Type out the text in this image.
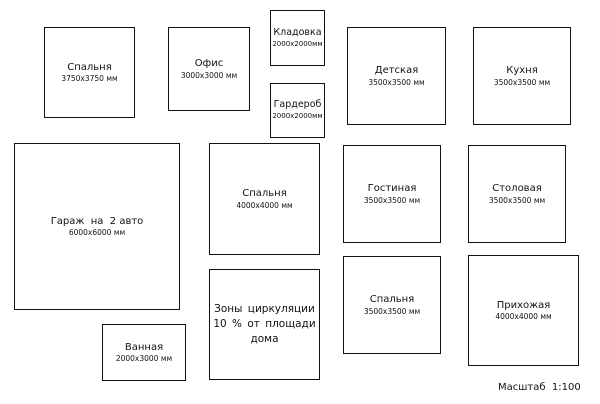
Спальня
3750x3750 мм
Офис
3000x3000 мм
Кладовка
2000x2000мм
Гардероб
2000x2000мм
Детская
3500x3500 мм
Кухня
3500x3500 мм
Гараж  на  2 авто
6000x6000 мм
Спальня
4000x4000 мм
Гостиная
3500x3500 мм
Столовая
3500x3500 мм
Ванная
2000x3000 мм
Зоны циркуляции
10 % от площади
дома
Спальня
3500x3500 мм
Прихожая
4000x4000 мм
Масштаб  1:100
